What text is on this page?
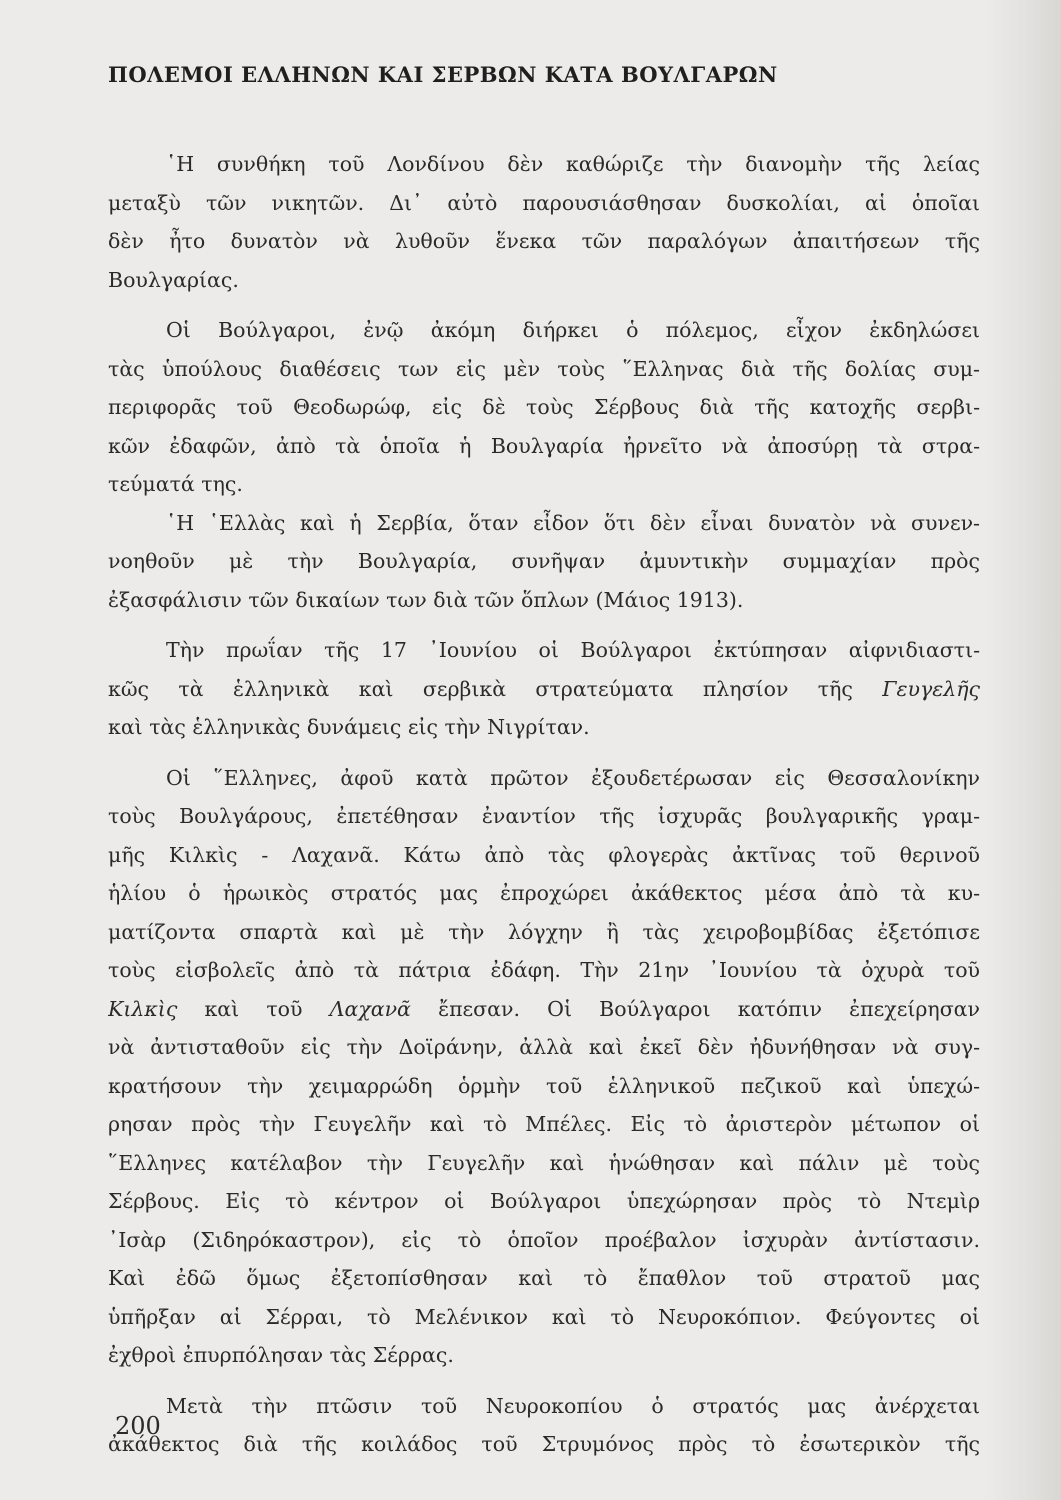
ΠΟΛΕΜΟΙ ΕΛΛΗΝΩΝ ΚΑΙ ΣΕΡΒΩΝ ΚΑΤΑ ΒΟΥΛΓΑΡΩΝ
῾Η συνθήκη τοῦ Λονδίνου δὲν καθώριζε τὴν διανομὴν τῆς λείας
μεταξὺ τῶν νικητῶν. Δι᾿ αὐτὸ παρουσιάσθησαν δυσκολίαι, αἱ ὁποῖαι
δὲν ἦτο δυνατὸν νὰ λυθοῦν ἕνεκα τῶν παραλόγων ἀπαιτήσεων τῆς
Βουλγαρίας.
Οἱ Βούλγαροι, ἐνῷ ἀκόμη διήρκει ὁ πόλεμος, εἶχον ἐκδηλώσει
τὰς ὑπούλους διαθέσεις των εἰς μὲν τοὺς ῞Ελληνας διὰ τῆς δολίας συμ-
περιφορᾶς τοῦ Θεοδωρώφ, εἰς δὲ τοὺς Σέρβους διὰ τῆς κατοχῆς σερβι-
κῶν ἐδαφῶν, ἀπὸ τὰ ὁποῖα ἡ Βουλγαρία ἠρνεῖτο νὰ ἀποσύρῃ τὰ στρα-
τεύματά της.
῾Η ῾Ελλὰς καὶ ἡ Σερβία, ὅταν εἶδον ὅτι δὲν εἶναι δυνατὸν νὰ συνεν-
νοηθοῦν μὲ τὴν Βουλγαρία, συνῆψαν ἀμυντικὴν συμμαχίαν πρὸς
ἐξασφάλισιν τῶν δικαίων των διὰ τῶν ὅπλων (Μάιος 1913).
Τὴν πρωΐαν τῆς 17 ᾿Ιουνίου οἱ Βούλγαροι ἐκτύπησαν αἰφνιδιαστι-
κῶς τὰ ἑλληνικὰ καὶ σερβικὰ στρατεύματα πλησίον τῆς Γευγελῆς
καὶ τὰς ἑλληνικὰς δυνάμεις εἰς τὴν Νιγρίταν.
Οἱ ῞Ελληνες, ἀφοῦ κατὰ πρῶτον ἐξουδετέρωσαν εἰς Θεσσαλονίκην
τοὺς Βουλγάρους, ἐπετέθησαν ἐναντίον τῆς ἰσχυρᾶς βουλγαρικῆς γραμ-
μῆς Κιλκὶς - Λαχανᾶ. Κάτω ἀπὸ τὰς φλογερὰς ἀκτῖνας τοῦ θερινοῦ
ἡλίου ὁ ἡρωικὸς στρατός μας ἐπροχώρει ἀκάθεκτος μέσα ἀπὸ τὰ κυ-
ματίζοντα σπαρτὰ καὶ μὲ τὴν λόγχην ἢ τὰς χειροβομβίδας ἐξετόπισε
τοὺς εἰσβολεῖς ἀπὸ τὰ πάτρια ἐδάφη. Τὴν 21ην ᾿Ιουνίου τὰ ὀχυρὰ τοῦ
Κιλκὶς καὶ τοῦ Λαχανᾶ ἔπεσαν. Οἱ Βούλγαροι κατόπιν ἐπεχείρησαν
νὰ ἀντισταθοῦν εἰς τὴν Δοϊράνην, ἀλλὰ καὶ ἐκεῖ δὲν ἠδυνήθησαν νὰ συγ-
κρατήσουν τὴν χειμαρρώδη ὁρμὴν τοῦ ἑλληνικοῦ πεζικοῦ καὶ ὑπεχώ-
ρησαν πρὸς τὴν Γευγελῆν καὶ τὸ Μπέλες. Εἰς τὸ ἀριστερὸν μέτωπον οἱ
῞Ελληνες κατέλαβον τὴν Γευγελῆν καὶ ἡνώθησαν καὶ πάλιν μὲ τοὺς
Σέρβους. Εἰς τὸ κέντρον οἱ Βούλγαροι ὑπεχώρησαν πρὸς τὸ Ντεμὶρ
᾿Ισὰρ (Σιδηρόκαστρον), εἰς τὸ ὁποῖον προέβαλον ἰσχυρὰν ἀντίστασιν.
Καὶ ἐδῶ ὅμως ἐξετοπίσθησαν καὶ τὸ ἔπαθλον τοῦ στρατοῦ μας
ὑπῆρξαν αἱ Σέρραι, τὸ Μελένικον καὶ τὸ Νευροκόπιον. Φεύγοντες οἱ
ἐχθροὶ ἐπυρπόλησαν τὰς Σέρρας.
Μετὰ τὴν πτῶσιν τοῦ Νευροκοπίου ὁ στρατός μας ἀνέρχεται
ἀκάθεκτος διὰ τῆς κοιλάδος τοῦ Στρυμόνος πρὸς τὸ ἐσωτερικὸν τῆς
200
